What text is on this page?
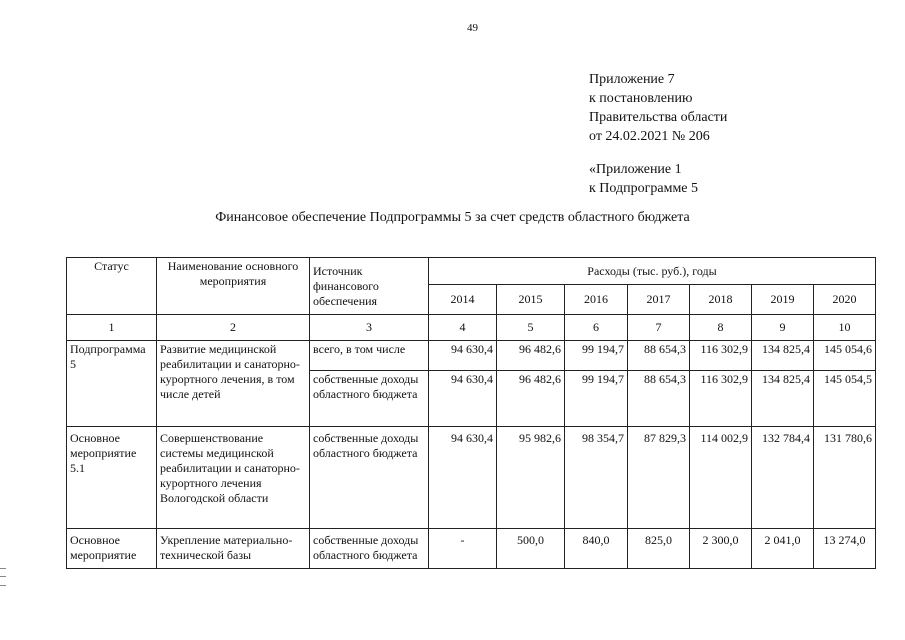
49
Приложение 7
к постановлению
Правительства области
от 24.02.2021 № 206
«Приложение 1
к Подпрограмме 5
Финансовое обеспечение Подпрограммы 5 за счет средств областного бюджета
Статус	Наименование основного мероприятия	Источник финансового обеспечения	Расходы (тыс. руб.), годы						
			2014	2015	2016	2017	2018	2019	2020
1	2	3	4	5	6	7	8	9	10
Подпрограмма 5	Развитие медицинской реабилитации и санаторно-курортного лечения, в том числе детей	всего, в том числе	94 630,4	96 482,6	99 194,7	88 654,3	116 302,9	134 825,4	145 054,6
		собственные доходы областного бюджета	94 630,4	96 482,6	99 194,7	88 654,3	116 302,9	134 825,4	145 054,5
Основное мероприятие 5.1	Совершенствование системы медицинской реабилитации и санаторно-курортного лечения Вологодской области	собственные доходы областного бюджета	94 630,4	95 982,6	98 354,7	87 829,3	114 002,9	132 784,4	131 780,6
Основное мероприятие	Укрепление материально-технической базы	собственные доходы областного бюджета	-	500,0	840,0	825,0	2 300,0	2 041,0	13 274,0
